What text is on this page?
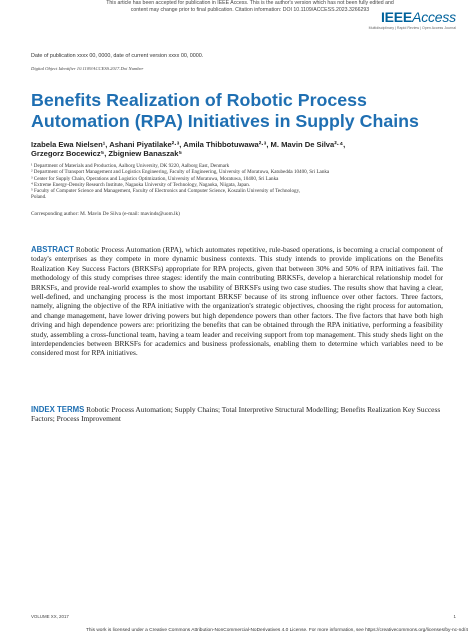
This article has been accepted for publication in IEEE Access. This is the author's version which has not been fully edited and
content may change prior to final publication. Citation information: DOI 10.1109/ACCESS.2023.3266293 IEEEAccess
Multidisciplinary | Rapid Review | Open Access Journal
Date of publication xxxx 00, 0000, date of current version xxxx 00, 0000.
Digital Object Identifier 10.1109/ACCESS.2017.Doi Number
Benefits Realization of Robotic Process Automation (RPA) Initiatives in Supply Chains
Izabela Ewa Nielsen¹, Ashani Piyatilake²·³, Amila Thibbotuwawa²·³, M. Mavin De Silva²·⁴,
Grzegorz Bocewicz⁵, Zbigniew Banaszak⁵
¹ Department of Materials and Production, Aalborg University, DK 9220, Aalborg East, Denmark
² Department of Transport Management and Logistics Engineering, Faculty of Engineering, University of Moratuwa, Katubedda 10400, Sri Lanka
³ Center for Supply Chain, Operations and Logistics Optimization, University of Moratuwa, Moratuwa, 10400, Sri Lanka
⁴ Extreme Energy-Density Research Institute, Nagaoka University of Technology, Nagaoka, Niigata, Japan.
⁵ Faculty of Computer Science and Management, Faculty of Electronics and Computer Science, Koszalin University of Technology,
Poland.
Corresponding author: M. Mavin De Silva (e-mail: mavinds@uom.lk)
ABSTRACT Robotic Process Automation (RPA), which automates repetitive, rule-based operations, is becoming a crucial component of today's enterprises as they compete in more dynamic business contexts. This study intends to provide implications on the Benefits Realization Key Success Factors (BRKSFs) appropriate for RPA projects, given that between 30% and 50% of RPA initiatives fail. The methodology of this study comprises three stages: identify the main contributing BRKSFs, develop a hierarchical relationship model for BRKSFs, and provide real-world examples to show the usability of BRKSFs using two case studies. The results show that having a clear, well-defined, and unchanging process is the most important BRKSF because of its strong influence over other factors. Three factors, namely, aligning the objective of the RPA initiative with the organization's strategic objectives, choosing the right process for automation, and change management, have lower driving powers but high dependence powers than other factors. The five factors that have both high driving and high dependence powers are: prioritizing the benefits that can be obtained through the RPA initiative, performing a feasibility study, assembling a cross-functional team, having a team leader and receiving support from top management. This study sheds light on the interdependencies between BRKSFs for academics and business professionals, enabling them to determine which variables need to be considered most for RPA initiatives.
INDEX TERMS Robotic Process Automation; Supply Chains; Total Interpretive Structural Modelling; Benefits Realization Key Success Factors; Process Improvement
VOLUME XX, 2017	1
This work is licensed under a Creative Commons Attribution-NonCommercial-NoDerivatives 4.0 License. For more information, see https://creativecommons.org/licenses/by-nc-nd/4
